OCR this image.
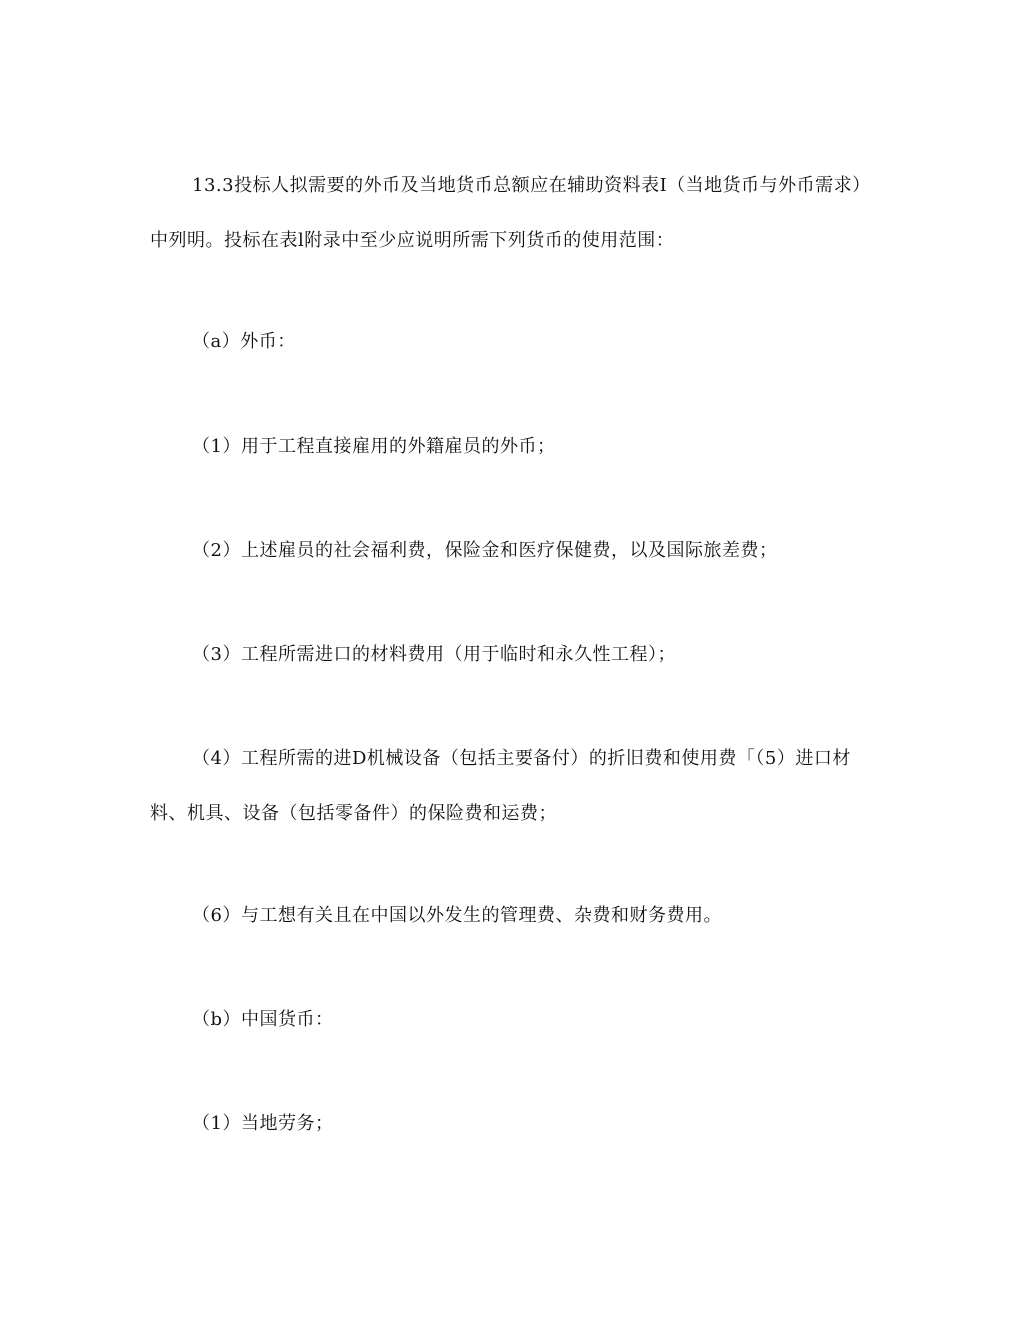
13.3投标人拟需要的外币及当地货币总额应在辅助资料表I（当地货币与外币需求）中列明。投标在表l附录中至少应说明所需下列货币的使用范围：

（a）外币：

（1）用于工程直接雇用的外籍雇员的外币；

（2）上述雇员的社会福利费，保险金和医疗保健费，以及国际旅差费；

（3）工程所需进口的材料费用（用于临时和永久性工程）；

（4）工程所需的进D机械设备（包括主要备付）的折旧费和使用费「（5）进口材料、机具、设备（包括零备件）的保险费和运费；

（6）与工想有关且在中国以外发生的管理费、杂费和财务费用。

（b）中国货币：

（1）当地劳务；
